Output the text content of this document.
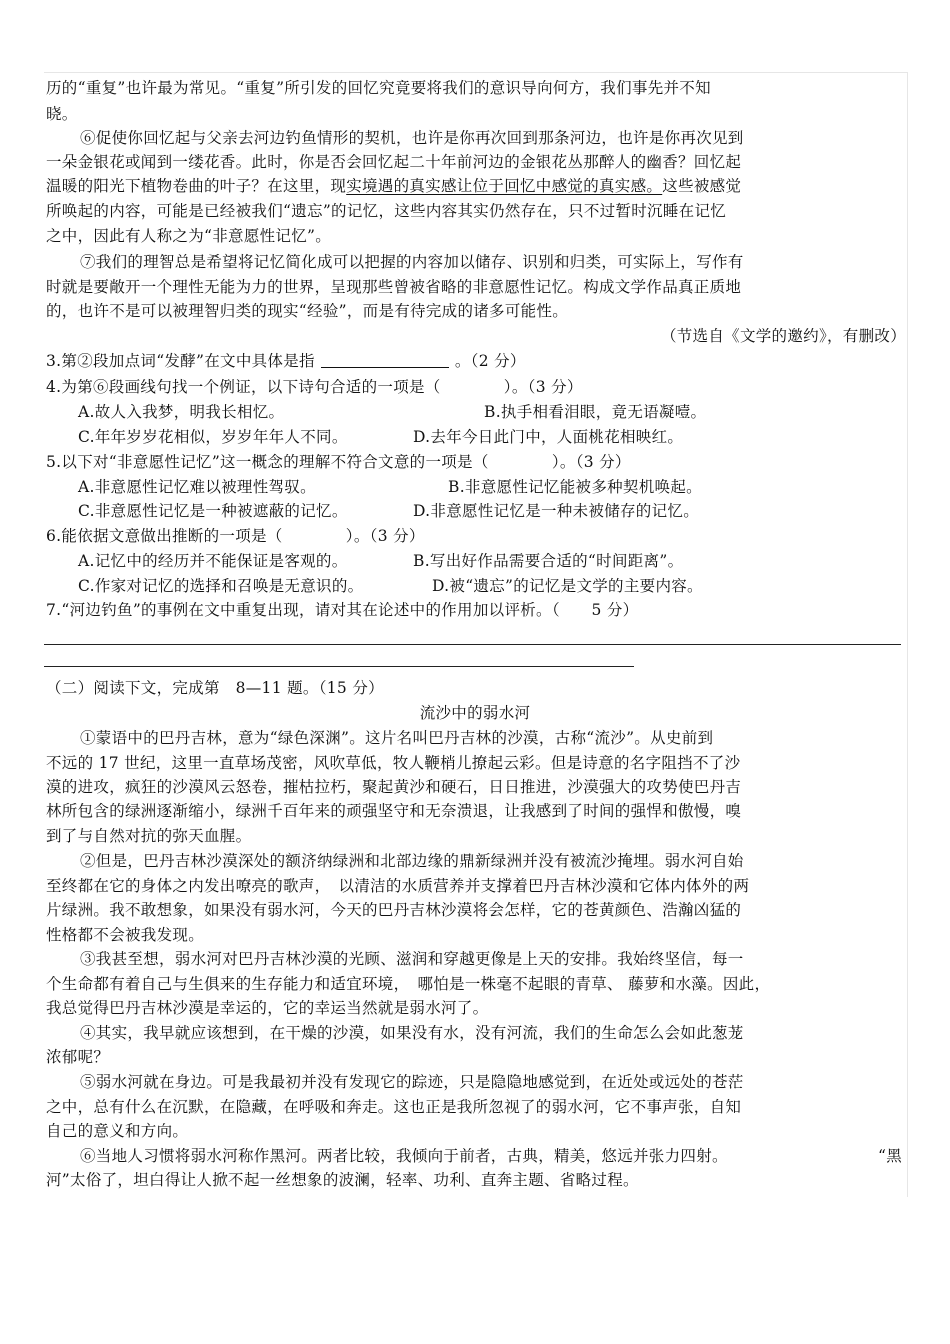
历的“重复”也许最为常见。“重复”所引发的回忆究竟要将我们的意识导向何方，我们事先并不知
晓。
⑥促使你回忆起与父亲去河边钓鱼情形的契机，也许是你再次回到那条河边，也许是你再次见到
一朵金银花或闻到一缕花香。此时，你是否会回忆起二十年前河边的金银花丛那醉人的幽香？回忆起
温暖的阳光下植物卷曲的叶子？在这里，现实境遇的真实感让位于回忆中感觉的真实感。这些被感觉
所唤起的内容，可能是已经被我们“遗忘”的记忆，这些内容其实仍然存在，只不过暂时沉睡在记忆
之中，因此有人称之为“非意愿性记忆”。
⑦我们的理智总是希望将记忆简化成可以把握的内容加以储存、识别和归类，可实际上，写作有
时就是要敞开一个理性无能为力的世界，呈现那些曾被省略的非意愿性记忆。构成文学作品真正质地
的，也许不是可以被理智归类的现实“经验”，而是有待完成的诸多可能性。
（节选自《文学的邀约》，有删改）
3.第②段加点词“发酵”在文中具体是指	。（2 分）
4.为第⑥段画线句找一个例证，以下诗句合适的一项是（　　　　）。（3 分）
A.故人入我梦，明我长相忆。	B.执手相看泪眼，竟无语凝噎。
C.年年岁岁花相似，岁岁年年人不同。	D.去年今日此门中，人面桃花相映红。
5.以下对“非意愿性记忆”这一概念的理解不符合文意的一项是（　　　　）。（3 分）
A.非意愿性记忆难以被理性驾驭。	B.非意愿性记忆能被多种契机唤起。
C.非意愿性记忆是一种被遮蔽的记忆。	D.非意愿性记忆是一种未被储存的记忆。
6.能依据文意做出推断的一项是（　　　　）。（3 分）
A.记忆中的经历并不能保证是客观的。	B.写出好作品需要合适的“时间距离”。
C.作家对记忆的选择和召唤是无意识的。	D.被“遗忘”的记忆是文学的主要内容。
7.“河边钓鱼”的事例在文中重复出现，请对其在论述中的作用加以评析。（　　5 分）
（二）阅读下文，完成第　8—11 题。（15 分）
流沙中的弱水河
①蒙语中的巴丹吉林，意为“绿色深渊”。这片名叫巴丹吉林的沙漠，古称“流沙”。从史前到
不远的 17 世纪，这里一直草场茂密，风吹草低，牧人鞭梢儿撩起云彩。但是诗意的名字阻挡不了沙
漠的进攻，疯狂的沙漠风云怒卷，摧枯拉朽，聚起黄沙和硬石，日日推进，沙漠强大的攻势使巴丹吉
林所包含的绿洲逐渐缩小，绿洲千百年来的顽强坚守和无奈溃退，让我感到了时间的强悍和傲慢，嗅
到了与自然对抗的弥天血腥。
②但是，巴丹吉林沙漠深处的额济纳绿洲和北部边缘的鼎新绿洲并没有被流沙掩埋。弱水河自始
至终都在它的身体之内发出嘹亮的歌声，　以清洁的水质营养并支撑着巴丹吉林沙漠和它体内体外的两
片绿洲。我不敢想象，如果没有弱水河，今天的巴丹吉林沙漠将会怎样，它的苍黄颜色、浩瀚凶猛的
性格都不会被我发现。
③我甚至想，弱水河对巴丹吉林沙漠的光顾、滋润和穿越更像是上天的安排。我始终坚信，每一
个生命都有着自己与生俱来的生存能力和适宜环境，　哪怕是一株毫不起眼的青草、 藤萝和水藻。因此，
我总觉得巴丹吉林沙漠是幸运的，它的幸运当然就是弱水河了。
④其实，我早就应该想到，在干燥的沙漠，如果没有水，没有河流，我们的生命怎么会如此葱茏
浓郁呢？
⑤弱水河就在身边。可是我最初并没有发现它的踪迹，只是隐隐地感觉到，在近处或远处的苍茫
之中，总有什么在沉默，在隐藏，在呼吸和奔走。这也正是我所忽视了的弱水河，它不事声张，自知
自己的意义和方向。
⑥当地人习惯将弱水河称作黑河。两者比较，我倾向于前者，古典，精美，悠远并张力四射。	“黑
河”太俗了，坦白得让人掀不起一丝想象的波澜，轻率、功利、直奔主题、省略过程。
